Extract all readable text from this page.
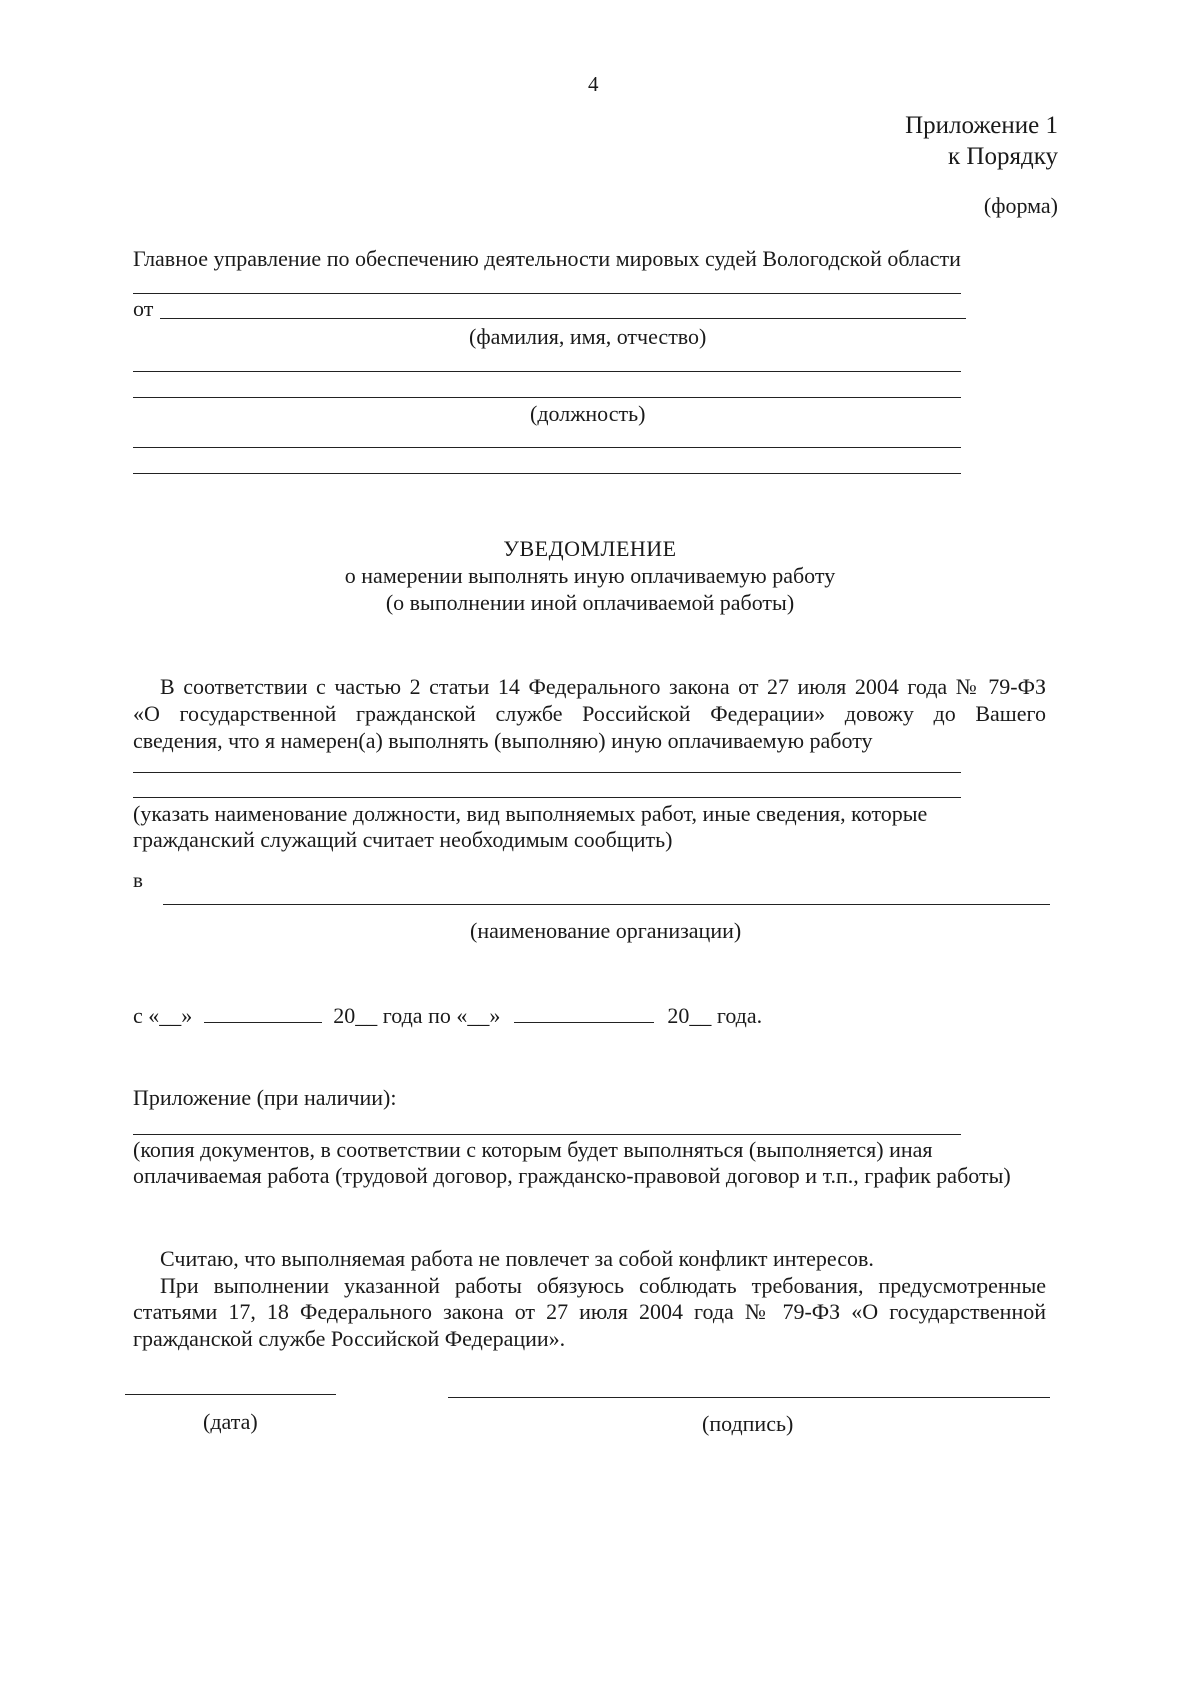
4
Приложение 1
к Порядку
(форма)
Главное управление по обеспечению деятельности мировых судей Вологодской области
от
(фамилия, имя, отчество)
(должность)
УВЕДОМЛЕНИЕ
о намерении выполнять иную оплачиваемую работу
(о выполнении иной оплачиваемой работы)
В соответствии с частью 2 статьи 14 Федерального закона от 27 июля 2004 года № 79-ФЗ
«О государственной гражданской службе Российской Федерации» довожу до Вашего
сведения, что я намерен(а) выполнять (выполняю) иную оплачиваемую работу
(указать наименование должности, вид выполняемых работ, иные сведения, которые
гражданский служащий считает необходимым сообщить)
в
(наименование организации)
с «__»	20__ года по «__»	20__ года.
Приложение (при наличии):
(копия документов, в соответствии с которым будет выполняться (выполняется) иная
оплачиваемая работа (трудовой договор, гражданско-правовой договор и т.п., график работы)
Считаю, что выполняемая работа не повлечет за собой конфликт интересов.
При выполнении указанной работы обязуюсь соблюдать требования, предусмотренные
статьями 17, 18 Федерального закона от 27 июля 2004 года № 79-ФЗ «О государственной
гражданской службе Российской Федерации».
(дата)	(подпись)
